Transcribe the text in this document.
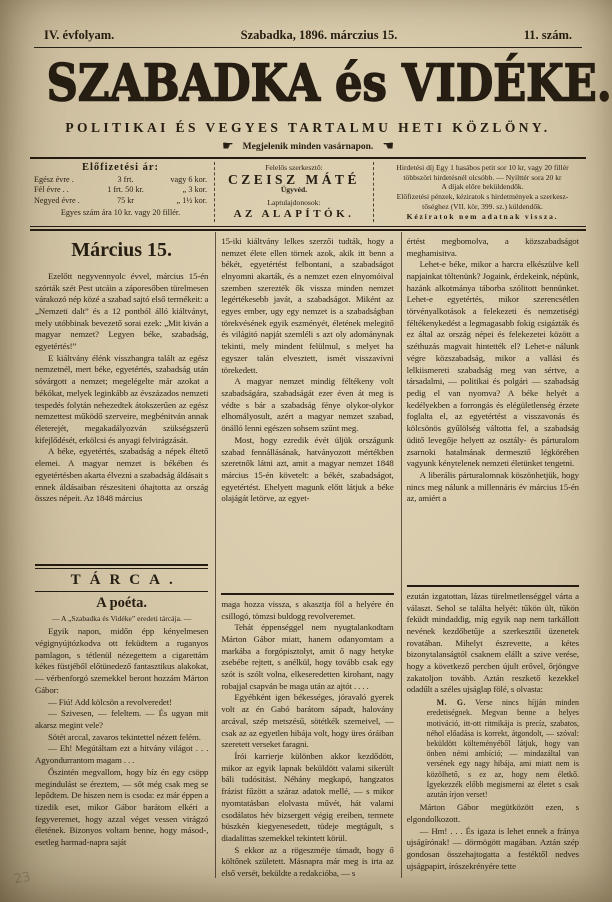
IV. évfolyam.	Szabadka, 1896. márczius 15.	11. szám.
SZABADKA és VIDÉKE.
POLITIKAI ÉS VEGYES TARTALMU HETI KÖZLÖNY.
☛ Megjelenik minden vasárnapon. ☚
Előfizetési ár:
Egész évre .	3 frt.	vagy 6 kor.
Fél évre . .	1 frt. 50 kr.	„ 3 kor.
Negyed évre .	75 kr	„ 1½ kor.
Egyes szám ára 10 kr. vagy 20 fillér.
Felelős szerkesztő:
CZEISZ MÁTÉ
Ügyvéd.
Laptulajdonosok:
AZ ALAPÍTÓK.
Hirdetési díj Egy 1 hasábos petit sor 10 kr, vagy 20 fillér
többszöri hirdetésnél olcsóbb. — Nyilttér sora 20 kr
A díjak előre beküldendők.
Előfizetési pénzek, kéziratok s hirdetmények a szerkesz-
tőséghez (VII. kör, 399. sz.) küldendők.
Kéziratok nem adatnak vissza.
Március 15.

Ezelőtt negyvennyolc évvel, március 15-én szórták szét Pest utcáin a záporesőben türelmesen várakozó nép közé a szabad sajtó első termékeit: a „Nemzeti dalt” és a 12 pontból álló kiáltványt, mely utóbbinak bevezető sorai ezek: „Mit kiván a magyar nemzet? Legyen béke, szabadság, egyetértés!”

E kiáltvány élénk visszhangra talált az egész nemzetnél, mert béke, egyetértés, szabadság után sóvárgott a nemzet; megelégelte már azokat a békókat, melyek leginkább az évszázados nemzeti tespedés folytán nehezedtek átokszerűen az egész nemzettest működő szerveire, megbénitván annak életerejét, megakadályozván szükségszerű kifejlődését, erkölcsi és anyagi felvirágzását.

A béke, egyetértés, szabadság a népek éltető elemei. A magyar nemzet is békében és egyetértésben akarta élvezni a szabadság áldásait s ennek áldásaiban részesiteni óhajtotta az ország összes népeit. Az 1848 március

TÁRCA.
A poéta.
— A „Szabadka és Vidéke” eredeti tárcája. —

Egyik napon, midőn épp kényelmesen végignyújtózkodva ott feküdtem a ruganyos pamlagon, s tétlenül nézegettem a cigarettám kékes füstjéből előtünedező fantasztikus alakokat, — vérbenforgó szemekkel beront hozzám Márton Gábor:

— Fiú! Add kölcsön a revolveredet!

— Szivesen, — feleltem. — És ugyan mit akarsz megint vele?

Sötét arccal, zavaros tekintettel nézett felém.

— Eh! Megútáltam ezt a hitvány világot . . . Agyondurrantom magam . . .

Őszintén megvallom, hogy bíz én egy csöpp megindulást se éreztem, — sőt még csak meg se lepődtem. De hiszen nem is csoda: ez már éppen a tizedik eset, mikor Gábor barátom elkéri a fegyveremet, hogy azzal véget vessen virágzó életének. Bizonyos voltam benne, hogy másod-, esetleg harmad-napra saját

15-iki kiáltvány lelkes szerzői tudták, hogy a nemzet élete ellen törnek azok, akik itt benn a békét, egyetértést felbontani, a szabadságot elnyomni akarták, és a nemzet ezen elnyomóival szemben szerezték ők vissza minden nemzet legértékesebb javát, a szabadságot. Miként az egyes ember, ugy egy nemzet is a szabadságban törekvésének egyik eszményét, életének melegitő és világitó napját szemléli s azt oly adománynak tekinti, mely mindent felülmul, s melyet ha egyszer talán elvesztett, ismét visszavívni törekedett.

A magyar nemzet mindig féltékeny volt szabadságára, szabadságát ezer éven át meg is védte s bár a szabadság fénye olykor-olykor elhomályosult, azért a magyar nemzet szabad, önálló lenni egészen sohsem szűnt meg.

Most, hogy ezredik évét üljük országunk szabad fennállásának, hatványozott mértékben szeretnők látni azt, amit a magyar nemzet 1848 március 15-én követelt: a békét, szabadságot, egyetértést. Ehelyett magunk előtt látjuk a béke olajágát letörve, az egyet-

maga hozza vissza, s akasztja föl a helyére én csillogó, tömzsi buldogg revolveremet.

Tehát éppenséggel nem nyugtalankodtam Márton Gábor miatt, hanem odanyomtam a markába a forgópisztolyt, amit ő nagy hetyke zsebébe rejtett, s anélkül, hogy tovább csak egy szót is szólt volna, elkeseredetten kirohant, nagy robajjal csapván be maga után az ajtót . . . .

Egyébként igen békességes, jóravaló gyerek volt az én Gabó barátom sápadt, halovány arcával, szép metszésű, sötétkék szemeivel, — csak az az egyetlen hibája volt, hogy üres óráiban szeretett verseket faragni.

Írói karrierje különben akkor kezdődött, mikor az egyik lapnak beküldött valami sikerült báli tudósitást. Néhány megkapó, hangzatos frázist fűzött a száraz adatok mellé, — s mikor nyomtatásban elolvasta művét, hát valami csodálatos hév bizsergett végig ereiben, termete büszkén kiegyenesedett, tüdeje megtágult, s diadalittas szemekkel tekintett körül.

S ekkor az a rögeszméje támadt, hogy ő költőnek született. Másnapra már meg is irta az első versét, beküldte a redakcióba, — s

értést megbomolva, a közszabadságot meghamisitva.

Lehet-e béke, mikor a harcra elkészülve kell napjainkat töltenünk? Jogaink, érdekeink, népünk, hazánk alkotmánya táborba szólitott bennünket. Lehet-e egyetértés, mikor szerencsétlen törvényalkotások a felekezeti és nemzetiségi féltékenykedést a legmagasabb fokig csigázták és ez által az ország népei és felekezetei között a széthuzás magvait hintették el? Lehet-e nálunk végre közszabadság, mikor a vallási és lelkiismereti szabadság meg van sértve, a társadalmi, — politikai és polgári — szabadság pedig el van nyomva? A béke helyét a kedélyekben a forrongás és elégületlenség érzete foglalta el, az egyetértést a visszavonás és kölcsönös gyűlölség váltotta fel, a szabadság üditő levegője helyett az osztály- és párturalom zsarnoki hatalmának dermesztő légkörében vagyunk kénytelenek nemzeti életünket tengetni.

A liberális párturalomnak köszönhetjük, hogy nincs meg nálunk a millennáris év március 15-én az, amiért a

ezután izgatottan, lázas türelmetlenséggel várta a választ. Sehol se találta helyét: tűkön ült, tűkön feküdt mindaddig, míg egyik nap nem tarkállott nevének kezdőbetűje a szerkesztői üzenetek rovatában. Mihelyt észrevette, a kétes bizonytalanságtól csaknem elállt a szive verése, hogy a következő percben újult erővel, őrjöngve zakatoljon tovább. Aztán reszkető kezekkel odadűlt a széles ujságlap fölé, s olvasta:

M. G. Verse nincs híjján minden eredetiségnek. Megvan benne a helyes motiváció, itt-ott ritmikája is precíz, szabatos, néhol előadása is korrekt, átgondolt, — szóval: beküldött költeményéből látjuk, hogy van önben némi ambíció; — mindazáltal van versének egy nagy hibája, ami miatt nem is közölhető, s ez az, hogy nem életkő. Igyekezzék előbb megismerni az életet s csak azután írjon verset!

Márton Gábor megütközött ezen, s elgondolkozott.

— Hm! . . . És igaza is lehet ennek a fránya ujságírónak! — dörmögött magában. Aztán szép gondosan összehajtogatta a festéktől nedves ujságpapirt, írószekrényére tette

23
